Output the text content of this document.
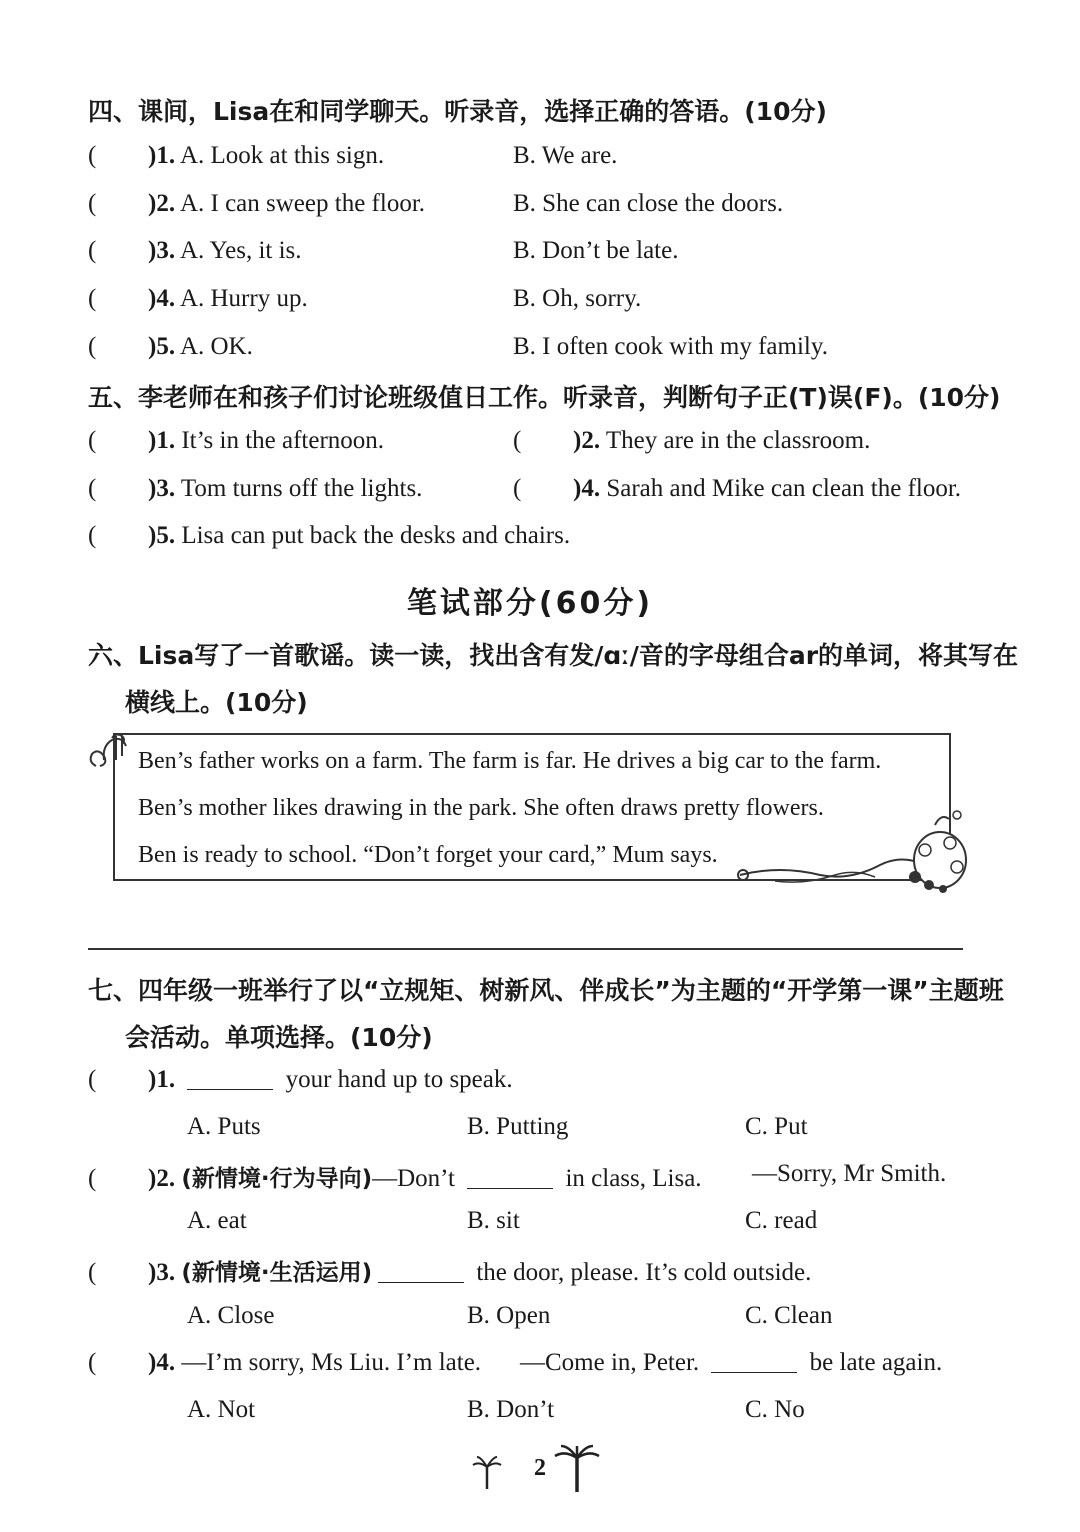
四、课间，Lisa在和同学聊天。听录音，选择正确的答语。(10分)
( )1. A. Look at this sign.	B. We are.
( )2. A. I can sweep the floor.	B. She can close the doors.
( )3. A. Yes, it is.	B. Don’t be late.
( )4. A. Hurry up.	B. Oh, sorry.
( )5. A. OK.	B. I often cook with my family.
五、李老师在和孩子们讨论班级值日工作。听录音，判断句子正(T)误(F)。(10分)
( )1. It’s in the afternoon.	( )2. They are in the classroom.
( )3. Tom turns off the lights.	( )4. Sarah and Mike can clean the floor.
( )5. Lisa can put back the desks and chairs.
笔试部分(60分)
六、Lisa写了一首歌谣。读一读，找出含有发/ɑː/音的字母组合ar的单词，将其写在
横线上。(10分)
Ben’s father works on a farm. The farm is far. He drives a big car to the farm.
Ben’s mother likes drawing in the park. She often draws pretty flowers.
Ben is ready to school. “Don’t forget your card,” Mum says.
七、四年级一班举行了以“立规矩、树新风、伴成长”为主题的“开学第一课”主题班
会活动。单项选择。(10分)
( )1.	your hand up to speak.
A. Puts	B. Putting	C. Put
( )2. (新情境·行为导向)—Don’t	in class, Lisa. —Sorry, Mr Smith.
A. eat	B. sit	C. read
( )3. (新情境·生活运用)	the door, please. It’s cold outside.
A. Close	B. Open	C. Clean
( )4. —I’m sorry, Ms Liu. I’m late. —Come in, Peter.	be late again.
A. Not	B. Don’t	C. No
2
